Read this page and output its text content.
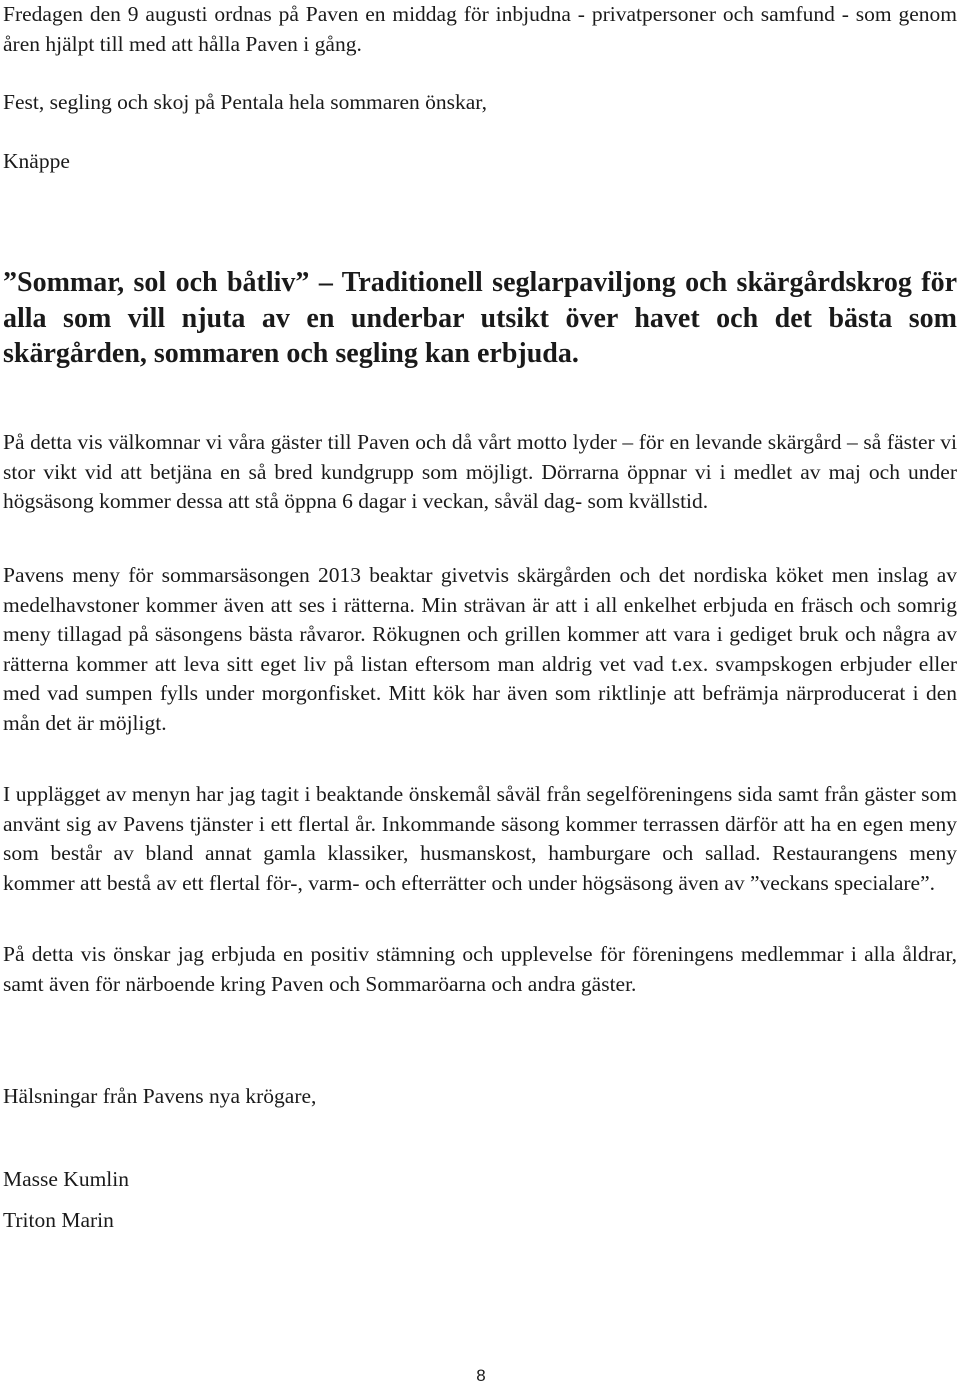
Fredagen den 9 augusti ordnas på Paven en middag för inbjudna - privatpersoner och samfund - som genom åren hjälpt till med att hålla Paven i gång.

Fest, segling och skoj på Pentala hela sommaren önskar,

Knäppe

”Sommar, sol och båtliv” – Traditionell seglarpaviljong och skärgårdskrog för alla som vill njuta av en underbar utsikt över havet och det bästa som skärgården, sommaren och segling kan erbjuda.

På detta vis välkomnar vi våra gäster till Paven och då vårt motto lyder – för en levande skärgård – så fäster vi stor vikt vid att betjäna en så bred kundgrupp som möjligt. Dörrarna öppnar vi i medlet av maj och under högsäsong kommer dessa att stå öppna 6 dagar i veckan, såväl dag- som kvällstid.

Pavens meny för sommarsäsongen 2013 beaktar givetvis skärgården och det nordiska köket men inslag av medelhavstoner kommer även att ses i rätterna. Min strävan är att i all enkelhet erbjuda en fräsch och somrig meny tillagad på säsongens bästa råvaror. Rökugnen och grillen kommer att vara i gediget bruk och några av rätterna kommer att leva sitt eget liv på listan eftersom man aldrig vet vad t.ex. svampskogen erbjuder eller med vad sumpen fylls under morgonfisket. Mitt kök har även som riktlinje att befrämja närproducerat i den mån det är möjligt.

I upplägget av menyn har jag tagit i beaktande önskemål såväl från segelföreningens sida samt från gäster som använt sig av Pavens tjänster i ett flertal år. Inkommande säsong kommer terrassen därför att ha en egen meny som består av bland annat gamla klassiker, husmanskost, hamburgare och sallad. Restaurangens meny kommer att bestå av ett flertal för-, varm- och efterrätter och under högsäsong även av ”veckans specialare”.

På detta vis önskar jag erbjuda en positiv stämning och upplevelse för föreningens medlemmar i alla åldrar, samt även för närboende kring Paven och Sommaröarna och andra gäster.

Hälsningar från Pavens nya krögare,

Masse Kumlin

Triton Marin

8
